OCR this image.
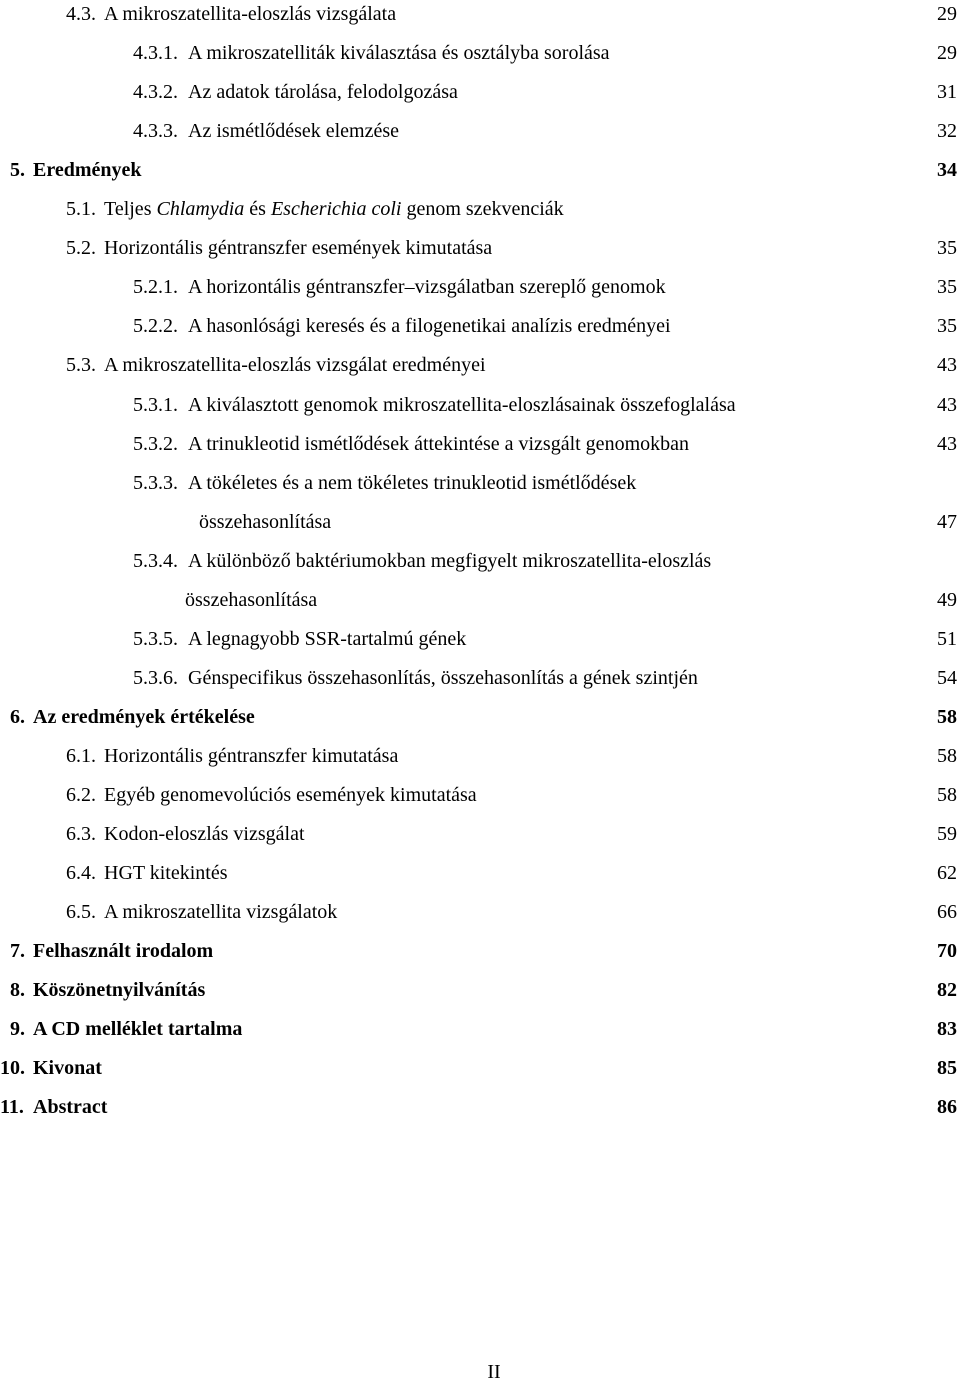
4.3. A mikroszatellita-eloszlás vizsgálata	29
4.3.1. A mikroszatelliták kiválasztása és osztályba sorolása	29
4.3.2. Az adatok tárolása, felodolgozása	31
4.3.3. Az ismétlődések elemzése	32
5. Eredmények	34
5.1. Teljes Chlamydia és Escherichia coli genom szekvenciák
5.2. Horizontális géntranszfer események kimutatása	35
5.2.1. A horizontális géntranszfer–vizsgálatban szereplő genomok	35
5.2.2. A hasonlósági keresés és a filogenetikai analízis eredményei	35
5.3. A mikroszatellita-eloszlás vizsgálat eredményei	43
5.3.1. A kiválasztott genomok mikroszatellita-eloszlásainak összefoglalása	43
5.3.2. A trinukleotid ismétlődések áttekintése a vizsgált genomokban	43
5.3.3. A tökéletes és a nem tökéletes trinukleotid ismétlődések
összehasonlítása	47
5.3.4. A különböző baktériumokban megfigyelt mikroszatellita-eloszlás
összehasonlítása	49
5.3.5. A legnagyobb SSR-tartalmú gének	51
5.3.6. Génspecifikus összehasonlítás, összehasonlítás a gének szintjén	54
6. Az eredmények értékelése	58
6.1. Horizontális géntranszfer kimutatása	58
6.2. Egyéb genomevolúciós események kimutatása	58
6.3. Kodon-eloszlás vizsgálat	59
6.4. HGT kitekintés	62
6.5. A mikroszatellita vizsgálatok	66
7. Felhasznált irodalom	70
8. Köszönetnyilvánítás	82
9. A CD melléklet tartalma	83
10. Kivonat	85
11. Abstract	86
II
